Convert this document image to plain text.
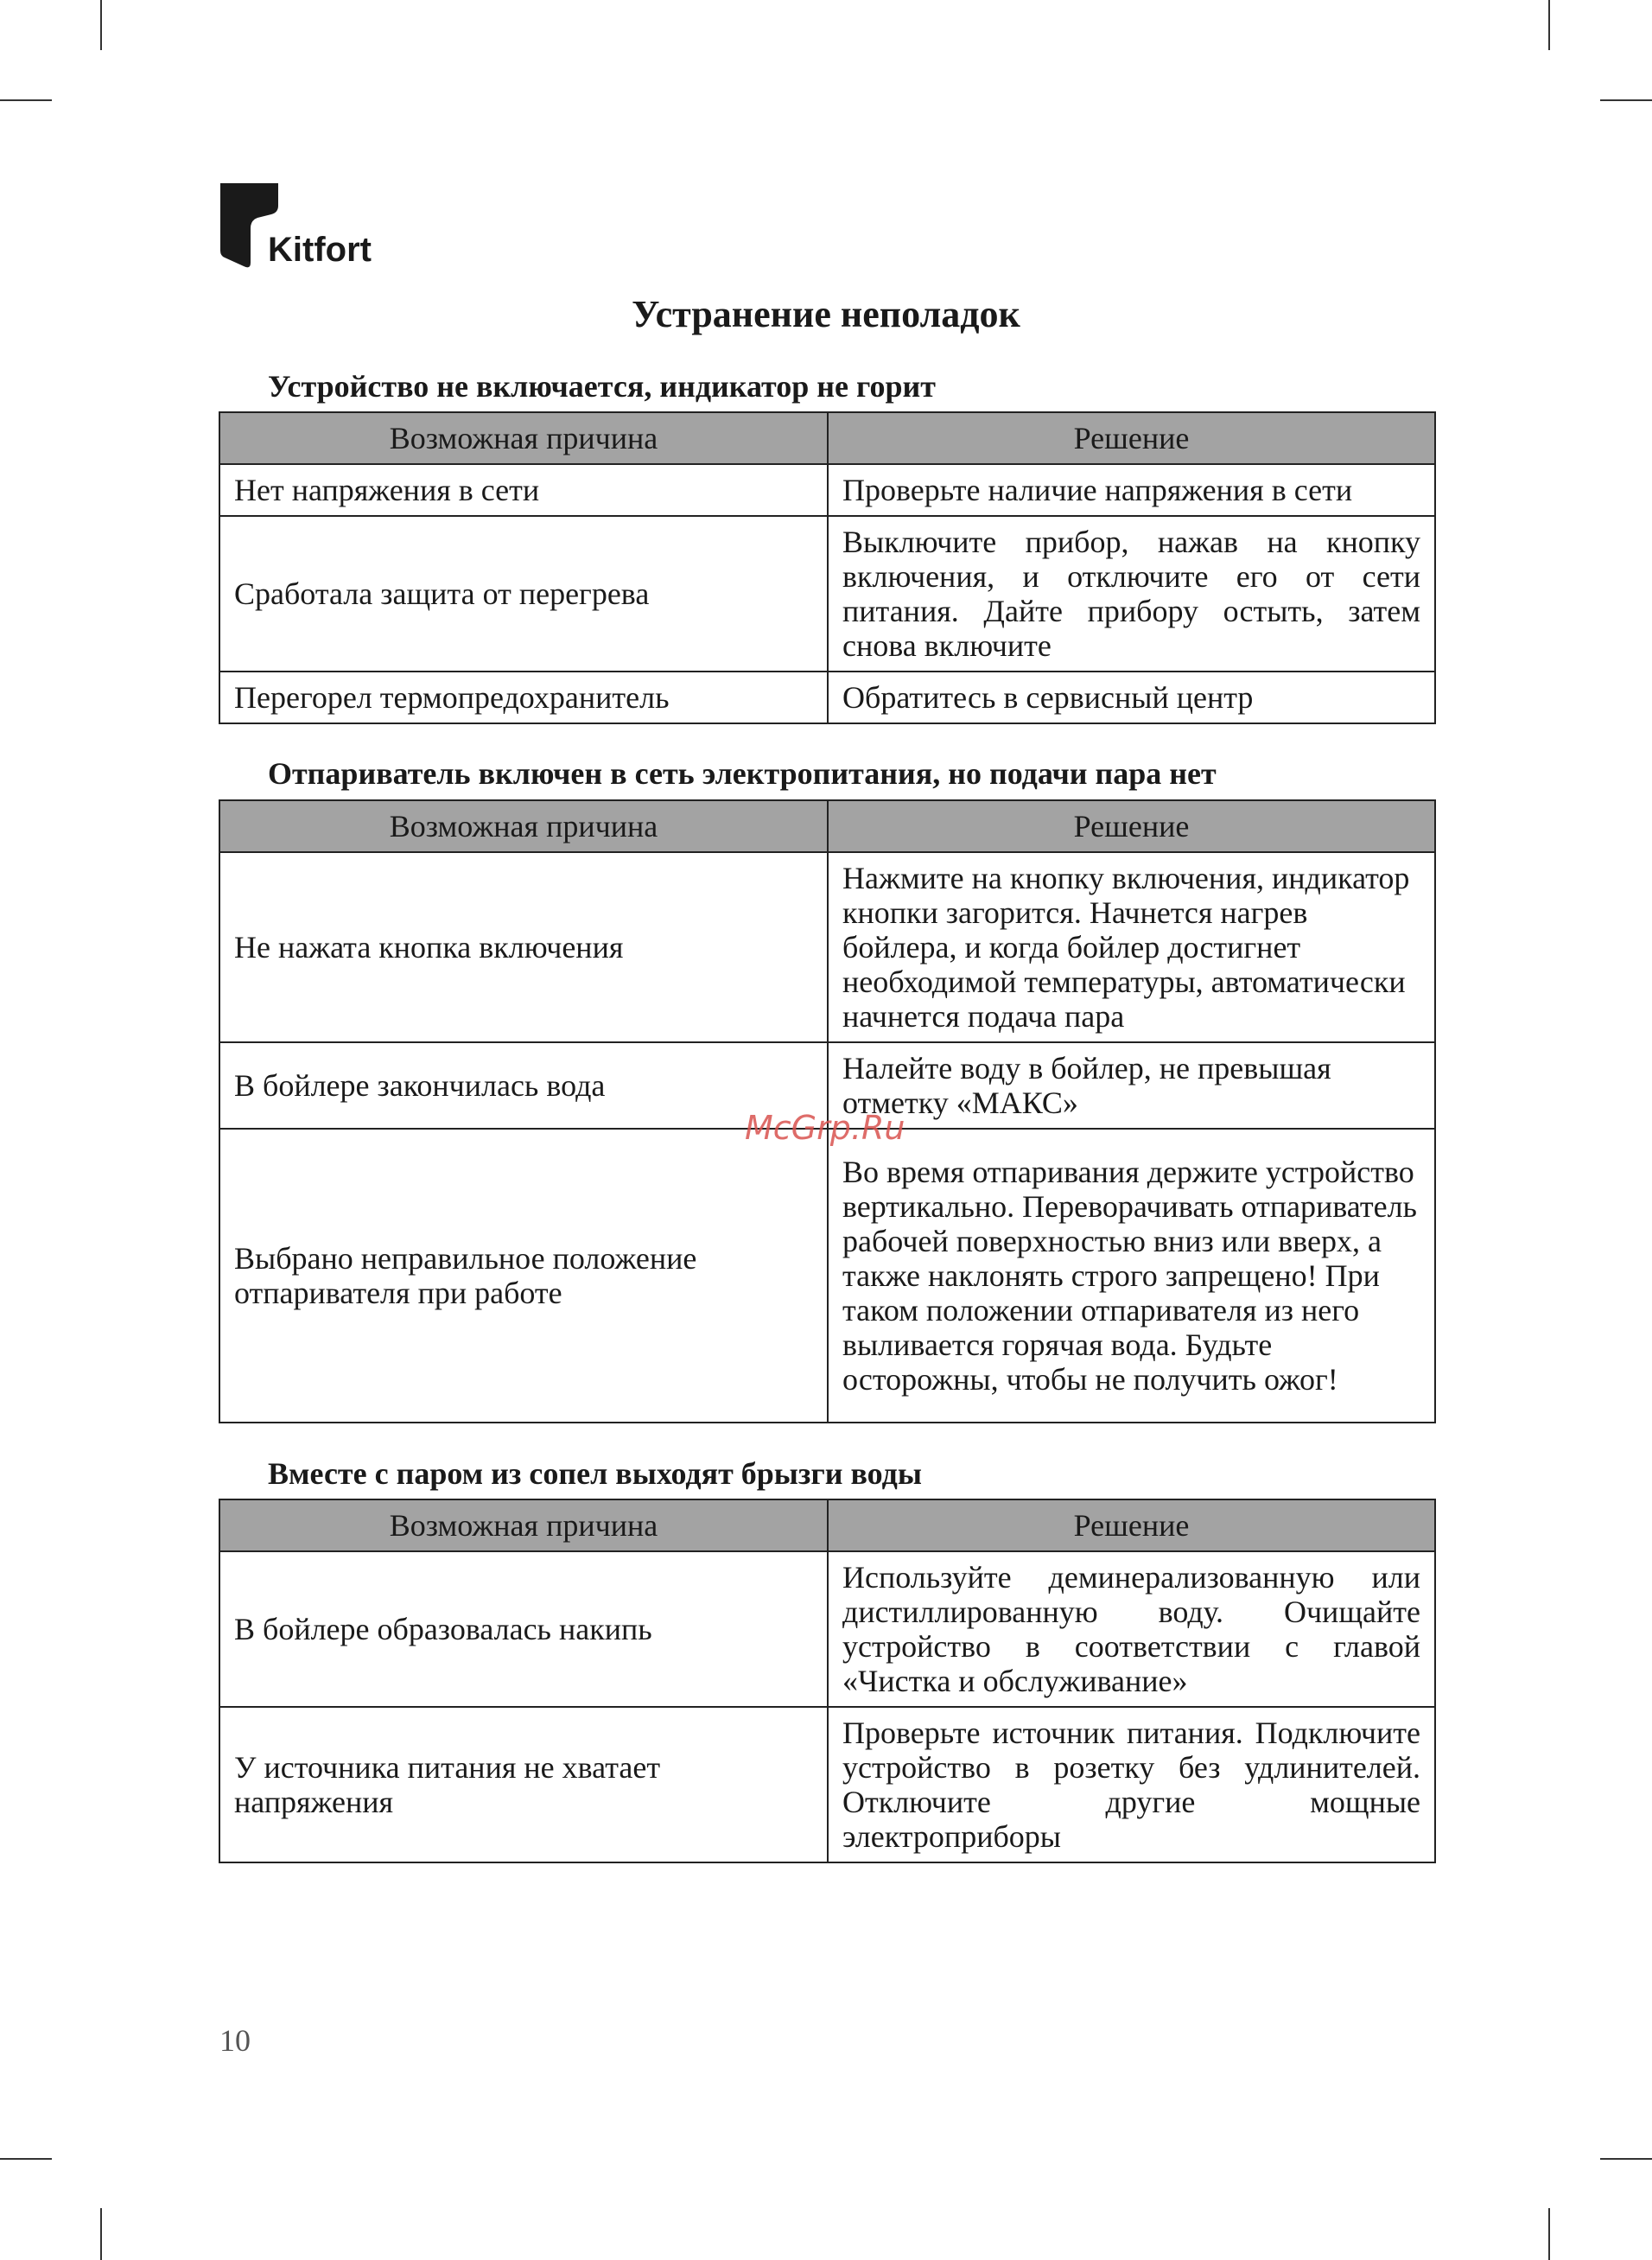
Kitfort
Устранение неполадок
Устройство не включается, индикатор не горит
Возможная причина	Решение
Нет напряжения в сети	Проверьте наличие напряжения в сети
Сработала защита от перегрева	Выключите прибор, нажав на кнопку включения, и отключите его от сети питания. Дайте прибору остыть, затем снова включите
Перегорел термопредохранитель	Обратитесь в сервисный центр
Отпариватель включен в сеть электропитания, но подачи пара нет
Возможная причина	Решение
Не нажата кнопка включения	Нажмите на кнопку включения, индикатор кнопки загорится. Начнется нагрев бойлера, и когда бойлер достигнет необходимой температуры, автоматически начнется подача пара
В бойлере закончилась вода	Налейте воду в бойлер, не превышая отметку «МАКС»
Выбрано неправильное положение отпаривателя при работе	Во время отпаривания держите устройство вертикально. Переворачивать отпариватель рабочей поверхностью вниз или вверх, а также наклонять строго запрещено! При таком положении отпаривателя из него выливается горячая вода. Будьте осторожны, чтобы не получить ожог!
Вместе с паром из сопел выходят брызги воды
Возможная причина	Решение
В бойлере образовалась накипь	Используйте деминерализованную или дистиллированную воду. Очищайте устройство в соответствии с главой «Чистка и обслуживание»
У источника питания не хватает напряжения	Проверьте источник питания. Подключите устройство в розетку без удлинителей. Отключите другие мощные электроприборы
McGrp.Ru
10
